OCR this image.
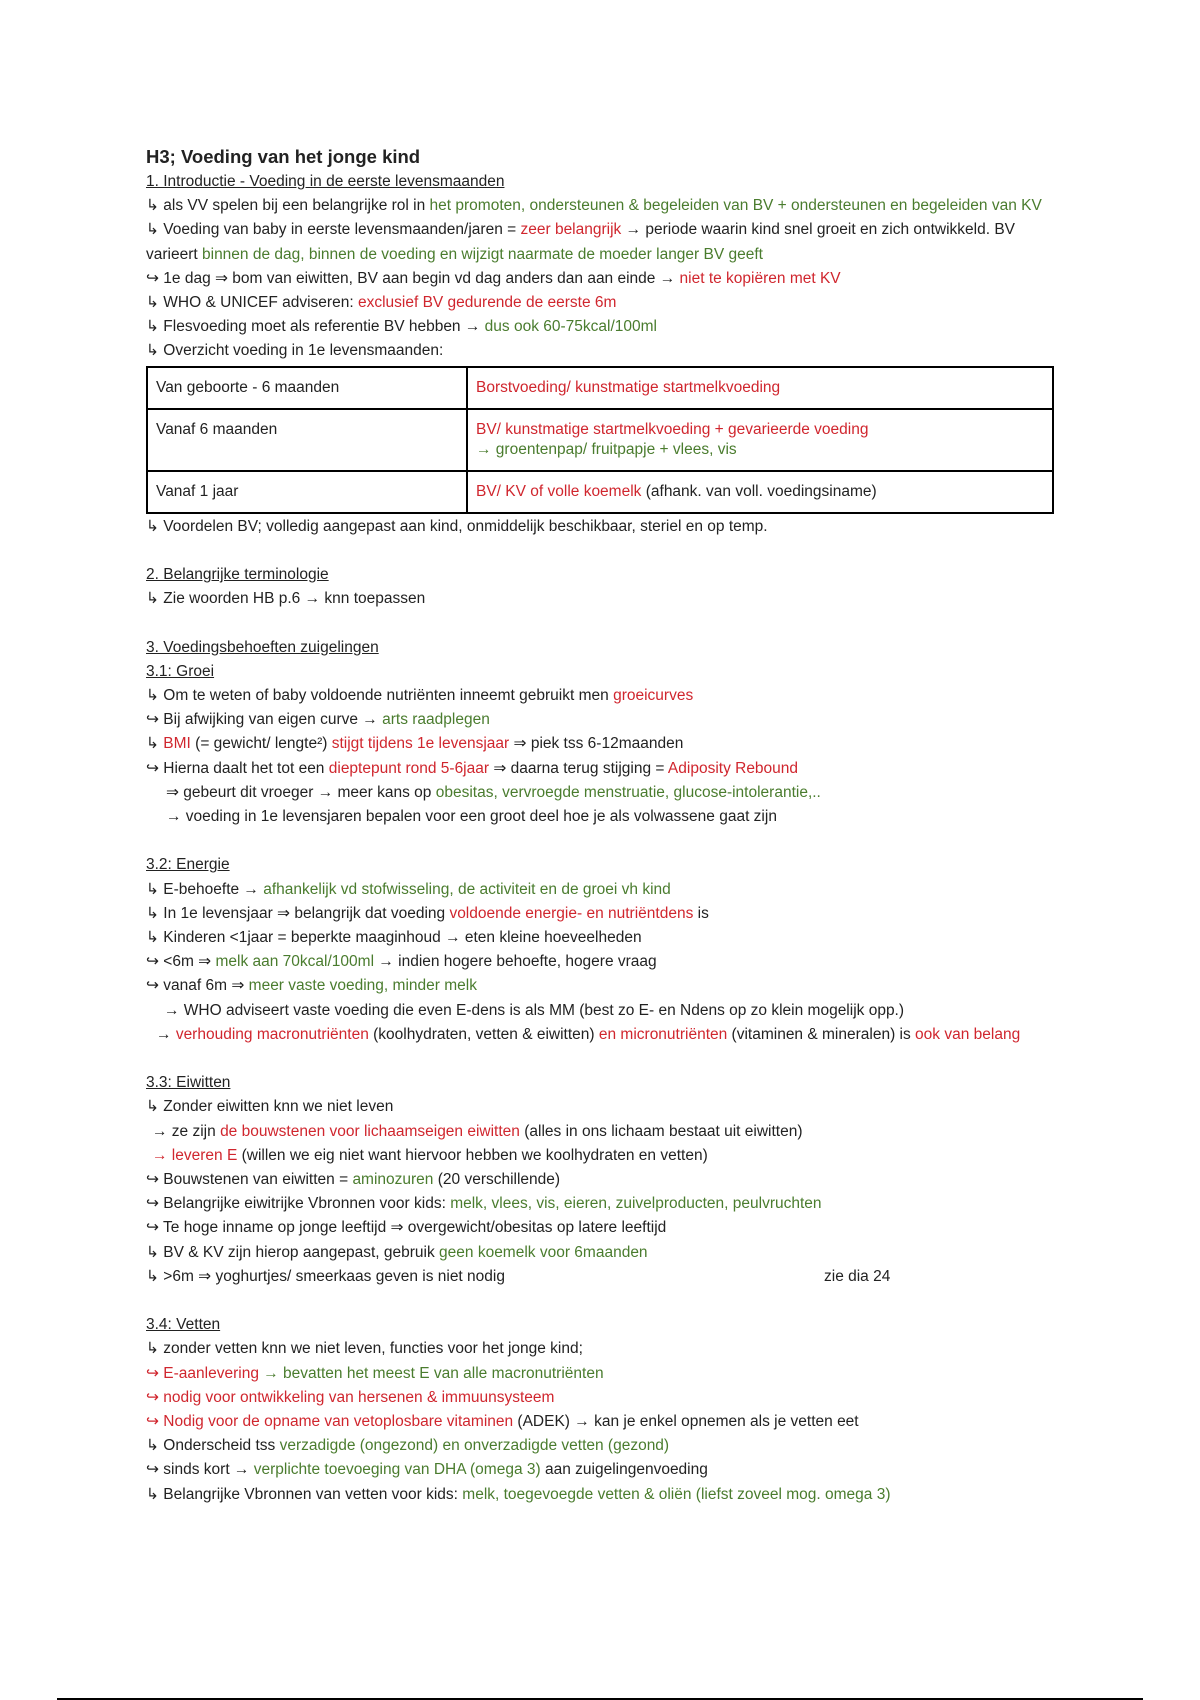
H3; Voeding van het jonge kind
1. Introductie - Voeding in de eerste levensmaanden
↳ als VV spelen bij een belangrijke rol in het promoten, ondersteunen & begeleiden van BV + ondersteunen en begeleiden van KV
↳ Voeding van baby in eerste levensmaanden/jaren = zeer belangrijk → periode waarin kind snel groeit en zich ontwikkeld. BV varieert binnen de dag, binnen de voeding en wijzigt naarmate de moeder langer BV geeft
↪ 1e dag ⇒ bom van eiwitten, BV aan begin vd dag anders dan aan einde → niet te kopiëren met KV
↳ WHO & UNICEF adviseren: exclusief BV gedurende de eerste 6m
↳ Flesvoeding moet als referentie BV hebben → dus ook 60-75kcal/100ml
↳ Overzicht voeding in 1e levensmaanden:
Van geboorte - 6 maanden	Borstvoeding/ kunstmatige startmelkvoeding
Vanaf 6 maanden	BV/ kunstmatige startmelkvoeding + gevarieerde voeding
→ groentenpap/ fruitpapje + vlees, vis

Vanaf 1 jaar	BV/ KV of volle koemelk (afhank. van voll. voedingsiname)
↳ Voordelen BV; volledig aangepast aan kind, onmiddelijk beschikbaar, steriel en op temp.
2. Belangrijke terminologie
↳ Zie woorden HB p.6 → knn toepassen
3. Voedingsbehoeften zuigelingen
3.1: Groei
↳ Om te weten of baby voldoende nutriënten inneemt gebruikt men groeicurves
↪ Bij afwijking van eigen curve → arts raadplegen
↳ BMI (= gewicht/ lengte²) stijgt tijdens 1e levensjaar ⇒ piek tss 6-12maanden
↪ Hierna daalt het tot een dieptepunt rond 5-6jaar ⇒ daarna terug stijging = Adiposity Rebound
⇒ gebeurt dit vroeger → meer kans op obesitas, vervroegde menstruatie, glucose-intolerantie,..
→ voeding in 1e levensjaren bepalen voor een groot deel hoe je als volwassene gaat zijn
3.2: Energie
↳ E-behoefte → afhankelijk vd stofwisseling, de activiteit en de groei vh kind
↳ In 1e levensjaar ⇒ belangrijk dat voeding voldoende energie- en nutriëntdens is
↳ Kinderen <1jaar = beperkte maaginhoud → eten kleine hoeveelheden
↪ <6m ⇒ melk aan 70kcal/100ml → indien hogere behoefte, hogere vraag
↪ vanaf 6m ⇒ meer vaste voeding, minder melk
→ WHO adviseert vaste voeding die even E-dens is als MM (best zo E- en Ndens op zo klein mogelijk opp.)
→ verhouding macronutriënten (koolhydraten, vetten & eiwitten) en micronutriënten (vitaminen & mineralen) is ook van belang
3.3: Eiwitten
↳ Zonder eiwitten knn we niet leven
→ ze zijn de bouwstenen voor lichaamseigen eiwitten (alles in ons lichaam bestaat uit eiwitten)
→ leveren E (willen we eig niet want hiervoor hebben we koolhydraten en vetten)
↪ Bouwstenen van eiwitten = aminozuren (20 verschillende)
↪ Belangrijke eiwitrijke Vbronnen voor kids: melk, vlees, vis, eieren, zuivelproducten, peulvruchten
↪ Te hoge inname op jonge leeftijd ⇒ overgewicht/obesitas op latere leeftijd
↳ BV & KV zijn hierop aangepast, gebruik geen koemelk voor 6maanden
↳ >6m ⇒ yoghurtjes/ smeerkaas geven is niet nodig	zie dia 24
3.4: Vetten
↳ zonder vetten knn we niet leven, functies voor het jonge kind;
↪ E-aanlevering → bevatten het meest E van alle macronutriënten
↪ nodig voor ontwikkeling van hersenen & immuunsysteem
↪ Nodig voor de opname van vetoplosbare vitaminen (ADEK) → kan je enkel opnemen als je vetten eet
↳ Onderscheid tss verzadigde (ongezond) en onverzadigde vetten (gezond)
↪ sinds kort → verplichte toevoeging van DHA (omega 3) aan zuigelingenvoeding
↳ Belangrijke Vbronnen van vetten voor kids: melk, toegevoegde vetten & oliën (liefst zoveel mog. omega 3)
